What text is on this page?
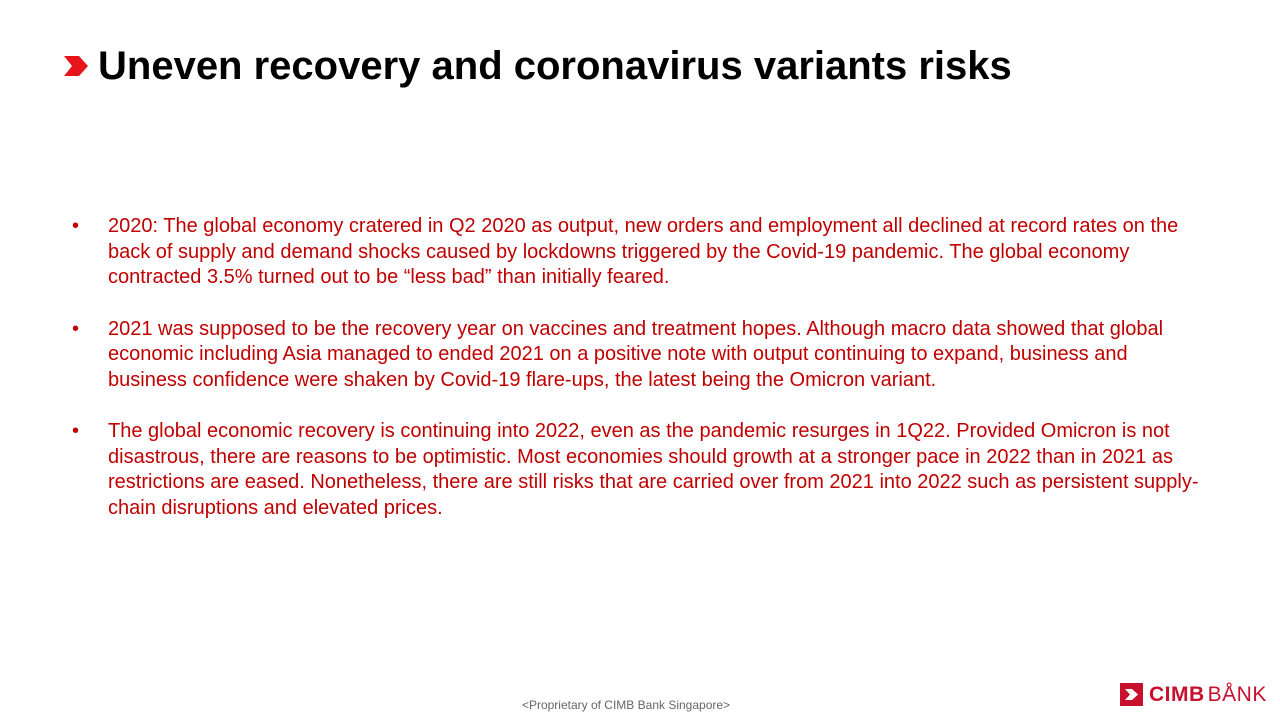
Uneven recovery and coronavirus variants risks
• 2020: The global economy cratered in Q2 2020 as output, new orders and employment all declined at record rates on the back of supply and demand shocks caused by lockdowns triggered by the Covid-19 pandemic. The global economy contracted 3.5% turned out to be “less bad” than initially feared.
• 2021 was supposed to be the recovery year on vaccines and treatment hopes. Although macro data showed that global economic including Asia managed to ended 2021 on a positive note with output continuing to expand, business and business confidence were shaken by Covid-19 flare-ups, the latest being the Omicron variant.
• The global economic recovery is continuing into 2022, even as the pandemic resurges in 1Q22. Provided Omicron is not disastrous, there are reasons to be optimistic. Most economies should growth at a stronger pace in 2022 than in 2021 as restrictions are eased. Nonetheless, there are still risks that are carried over from 2021 into 2022 such as persistent supply-chain disruptions and elevated prices.
<Proprietary of CIMB Bank Singapore>	CIMB BÅNK
